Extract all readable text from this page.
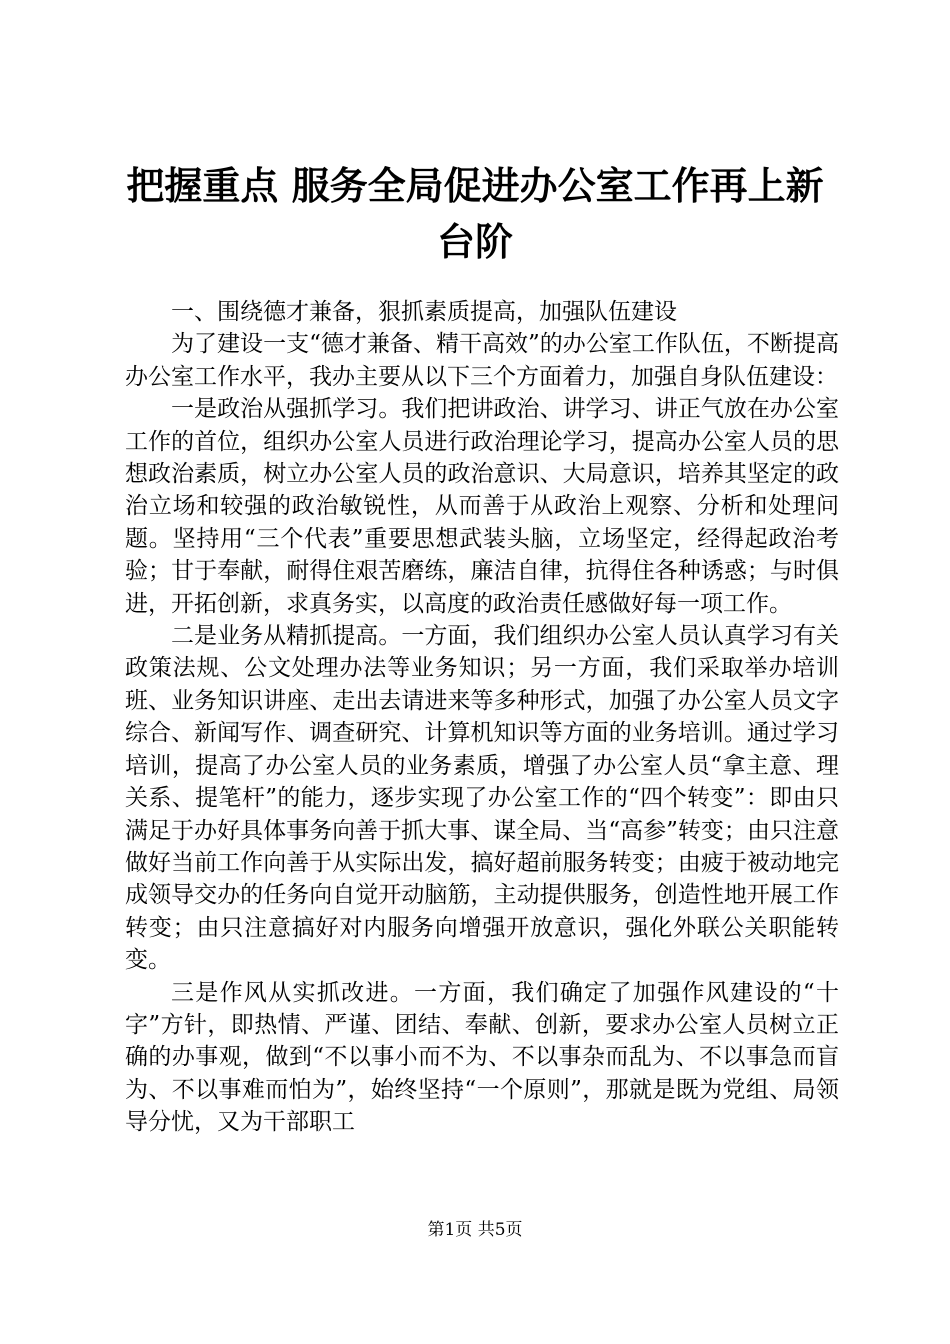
把握重点 服务全局促进办公室工作再上新台阶

一、围绕德才兼备，狠抓素质提高，加强队伍建设

为了建设一支“德才兼备、精干高效”的办公室工作队伍，不断提高办公室工作水平，我办主要从以下三个方面着力，加强自身队伍建设：

一是政治从强抓学习。我们把讲政治、讲学习、讲正气放在办公室工作的首位，组织办公室人员进行政治理论学习，提高办公室人员的思想政治素质，树立办公室人员的政治意识、大局意识，培养其坚定的政治立场和较强的政治敏锐性，从而善于从政治上观察、分析和处理问题。坚持用“三个代表”重要思想武装头脑，立场坚定，经得起政治考验；甘于奉献，耐得住艰苦磨练，廉洁自律，抗得住各种诱惑；与时俱进，开拓创新，求真务实，以高度的政治责任感做好每一项工作。

二是业务从精抓提高。一方面，我们组织办公室人员认真学习有关政策法规、公文处理办法等业务知识；另一方面，我们采取举办培训班、业务知识讲座、走出去请进来等多种形式，加强了办公室人员文字综合、新闻写作、调查研究、计算机知识等方面的业务培训。通过学习培训，提高了办公室人员的业务素质，增强了办公室人员“拿主意、理关系、提笔杆”的能力，逐步实现了办公室工作的“四个转变”：即由只满足于办好具体事务向善于抓大事、谋全局、当“高参”转变；由只注意做好当前工作向善于从实际出发，搞好超前服务转变；由疲于被动地完成领导交办的任务向自觉开动脑筋，主动提供服务，创造性地开展工作转变；由只注意搞好对内服务向增强开放意识，强化外联公关职能转变。

三是作风从实抓改进。一方面，我们确定了加强作风建设的“十字”方针，即热情、严谨、团结、奉献、创新，要求办公室人员树立正确的办事观，做到“不以事小而不为、不以事杂而乱为、不以事急而盲为、不以事难而怕为”，始终坚持“一个原则”，那就是既为党组、局领导分忧，又为干部职工

第1页 共5页
